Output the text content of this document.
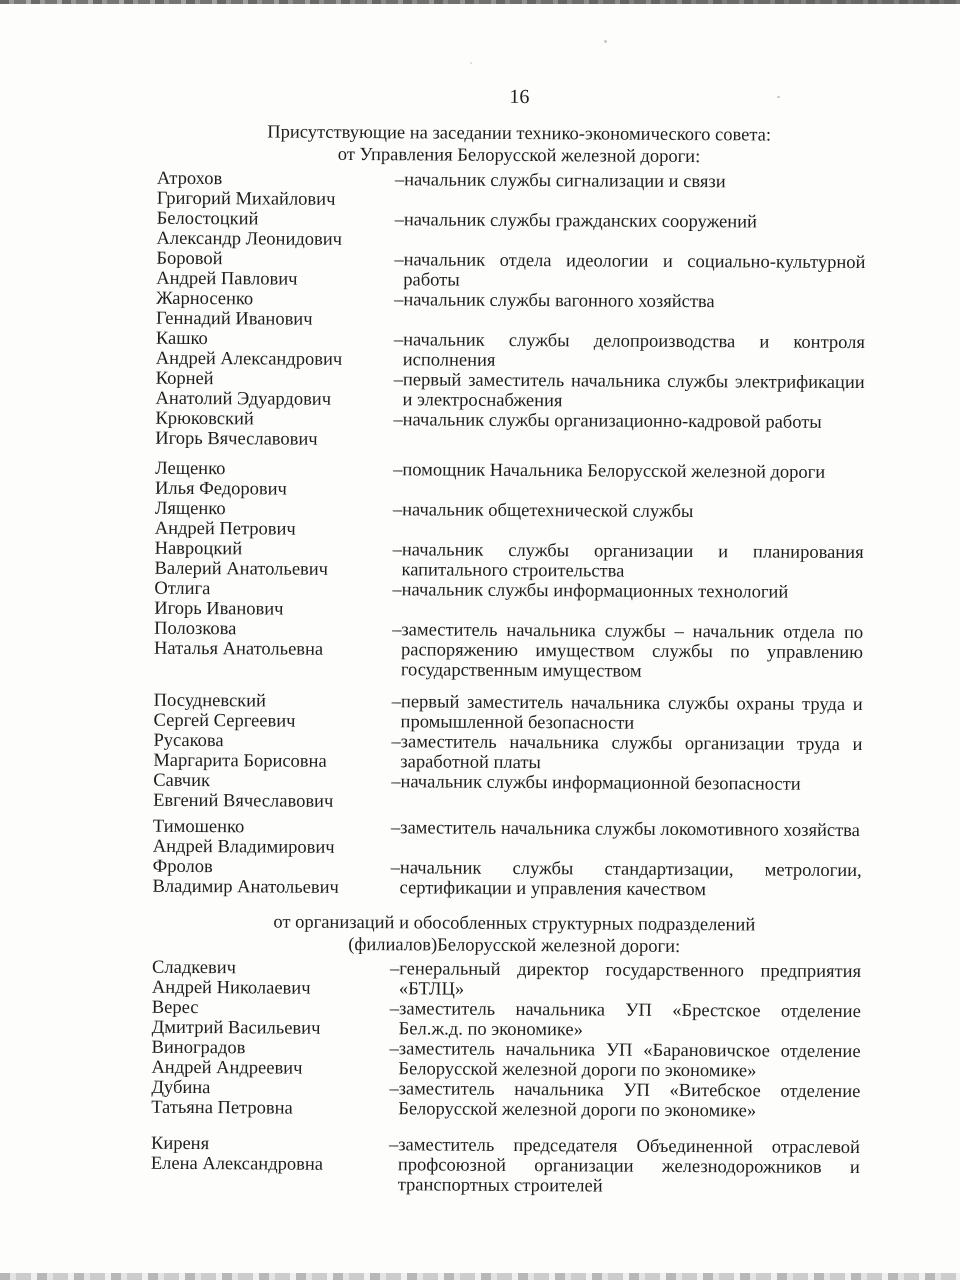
16
Присутствующие на заседании технико-экономического совета:
от Управления Белорусской железной дороги:
Атрохов
Григорий Михайлович

–начальник службы сигнализации и связи

Белостоцкий
Александр Леонидович

–начальник службы гражданских сооружений

Боровой
Андрей Павлович

–начальник отдела идеологии и социально-культурной работы

Жарносенко
Геннадий Иванович

–начальник службы вагонного хозяйства

Кашко
Андрей Александрович

–начальник службы делопроизводства и контроля исполнения

Корней
Анатолий Эдуардович

–первый заместитель начальника службы электрификации и электроснабжения

Крюковский
Игорь Вячеславович

–начальник службы организационно-кадровой работы

Лещенко
Илья Федорович

–помощник Начальника Белорусской железной дороги

Лященко
Андрей Петрович

–начальник общетехнической службы

Навроцкий
Валерий Анатольевич

–начальник службы организации и планирования капитального строительства

Отлига
Игорь Иванович

–начальник службы информационных технологий

Полозкова
Наталья Анатольевна

–заместитель начальника службы – начальник отдела по распоряжению имуществом службы по управлению государственным имуществом

Посудневский
Сергей Сергеевич

–первый заместитель начальника службы охраны труда и промышленной безопасности

Русакова
Маргарита Борисовна

–заместитель начальника службы организации труда и заработной платы

Савчик
Евгений Вячеславович

–начальник службы информационной безопасности

Тимошенко
Андрей Владимирович

–заместитель начальника службы локомотивного хозяйства

Фролов
Владимир Анатольевич

–начальник службы стандартизации, метрологии, сертификации и управления качеством

от организаций и обособленных структурных подразделений
(филиалов)Белорусской железной дороги:
Сладкевич
Андрей Николаевич

–генеральный директор государственного предприятия «БТЛЦ»

Верес
Дмитрий Васильевич

–заместитель начальника УП «Брестское отделение Бел.ж.д. по экономике»

Виноградов
Андрей Андреевич

–заместитель начальника УП «Барановичское отделение Белорусской железной дороги по экономике»

Дубина
Татьяна Петровна

–заместитель начальника УП «Витебское отделение Белорусской железной дороги по экономике»

Киреня
Елена Александровна

–заместитель председателя Объединенной отраслевой профсоюзной организации железнодорожников и транспортных строителей
